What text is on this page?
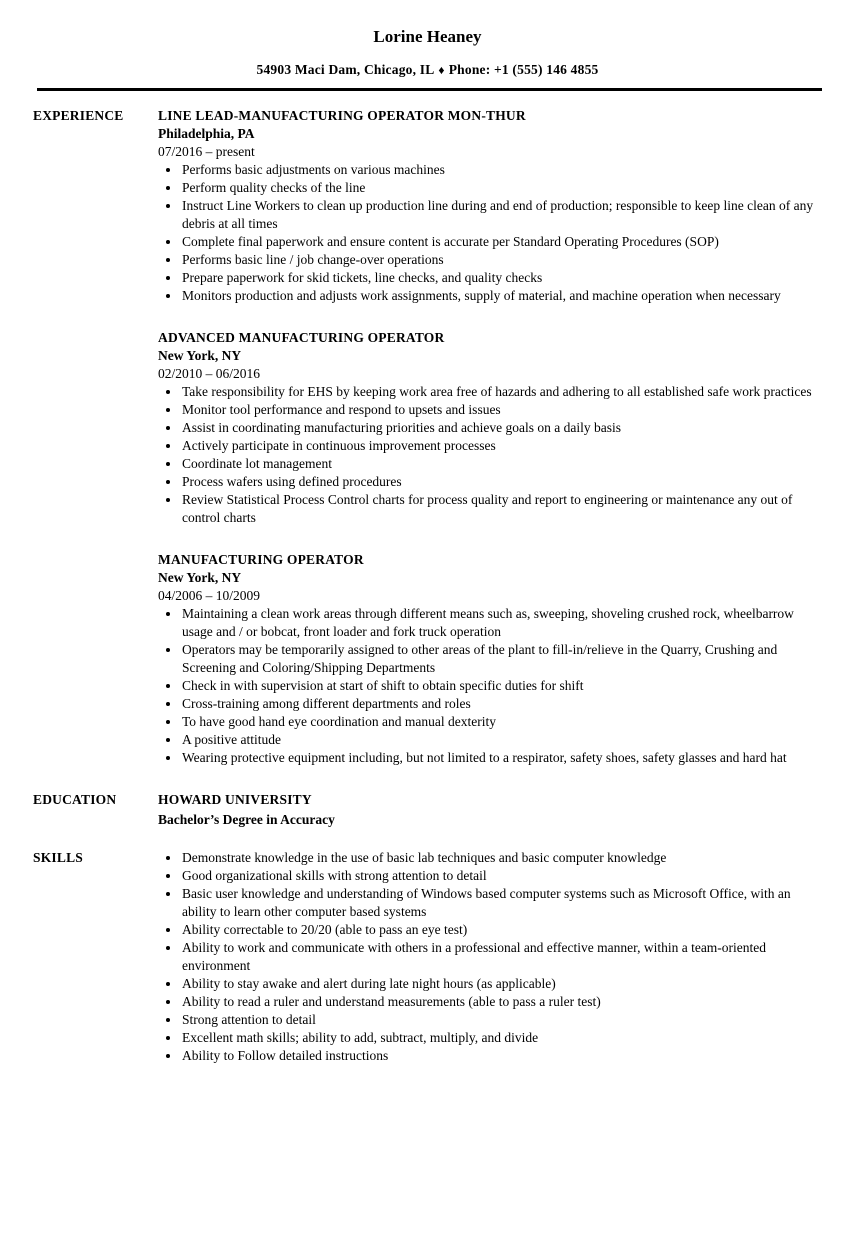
Lorine Heaney
54903 Maci Dam, Chicago, IL ♦ Phone: +1 (555) 146 4855
EXPERIENCE	LINE LEAD-MANUFACTURING OPERATOR MON-THUR
Philadelphia, PA
07/2016 – present
• Performs basic adjustments on various machines
• Perform quality checks of the line
• Instruct Line Workers to clean up production line during and end of production; responsible to keep line clean of any debris at all times
• Complete final paperwork and ensure content is accurate per Standard Operating Procedures (SOP)
• Performs basic line / job change-over operations
• Prepare paperwork for skid tickets, line checks, and quality checks
• Monitors production and adjusts work assignments, supply of material, and machine operation when necessary
ADVANCED MANUFACTURING OPERATOR
New York, NY
02/2010 – 06/2016
• Take responsibility for EHS by keeping work area free of hazards and adhering to all established safe work practices
• Monitor tool performance and respond to upsets and issues
• Assist in coordinating manufacturing priorities and achieve goals on a daily basis
• Actively participate in continuous improvement processes
• Coordinate lot management
• Process wafers using defined procedures
• Review Statistical Process Control charts for process quality and report to engineering or maintenance any out of control charts
MANUFACTURING OPERATOR
New York, NY
04/2006 – 10/2009
• Maintaining a clean work areas through different means such as, sweeping, shoveling crushed rock, wheelbarrow usage and / or bobcat, front loader and fork truck operation
• Operators may be temporarily assigned to other areas of the plant to fill-in/relieve in the Quarry, Crushing and Screening and Coloring/Shipping Departments
• Check in with supervision at start of shift to obtain specific duties for shift
• Cross-training among different departments and roles
• To have good hand eye coordination and manual dexterity
• A positive attitude
• Wearing protective equipment including, but not limited to a respirator, safety shoes, safety glasses and hard hat
EDUCATION	HOWARD UNIVERSITY
Bachelor’s Degree in Accuracy
SKILLS	• Demonstrate knowledge in the use of basic lab techniques and basic computer knowledge
• Good organizational skills with strong attention to detail
• Basic user knowledge and understanding of Windows based computer systems such as Microsoft Office, with an ability to learn other computer based systems
• Ability correctable to 20/20 (able to pass an eye test)
• Ability to work and communicate with others in a professional and effective manner, within a team-oriented environment
• Ability to stay awake and alert during late night hours (as applicable)
• Ability to read a ruler and understand measurements (able to pass a ruler test)
• Strong attention to detail
• Excellent math skills; ability to add, subtract, multiply, and divide
• Ability to Follow detailed instructions
